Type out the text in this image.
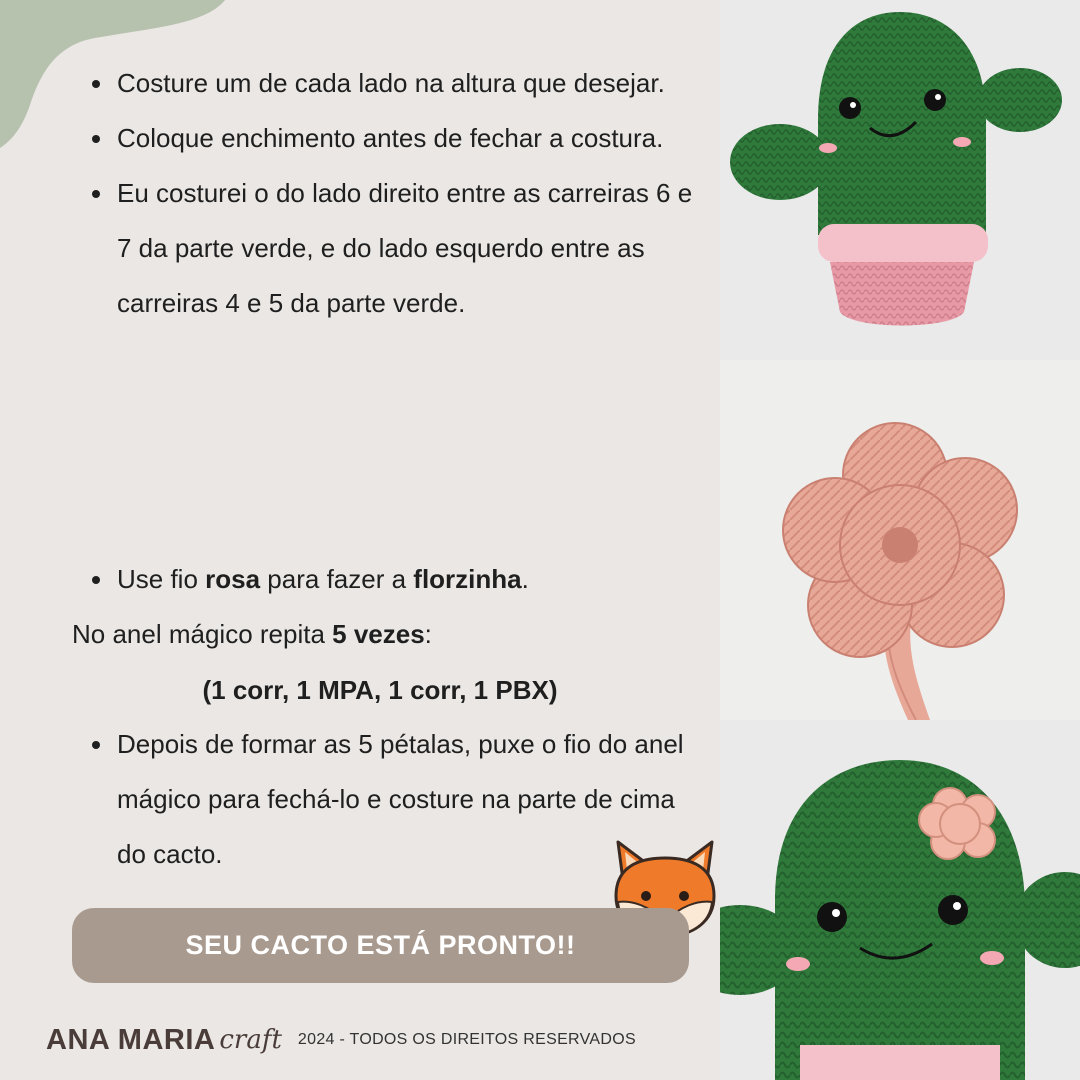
Costure um de cada lado na altura que desejar.
Coloque enchimento antes de fechar a costura.
Eu costurei o do lado direito entre as carreiras 6 e 7 da parte verde, e do lado esquerdo entre as carreiras 4 e 5 da parte verde.
Use fio rosa para fazer a florzinha.
No anel mágico repita 5 vezes:
(1 corr, 1 MPA, 1 corr, 1 PBX)
Depois de formar as 5 pétalas, puxe o fio do anel mágico para fechá-lo e costure na parte de cima do cacto.
SEU CACTO ESTÁ PRONTO!!
ANA MARIA craft 2024 - TODOS OS DIREITOS RESERVADOS
